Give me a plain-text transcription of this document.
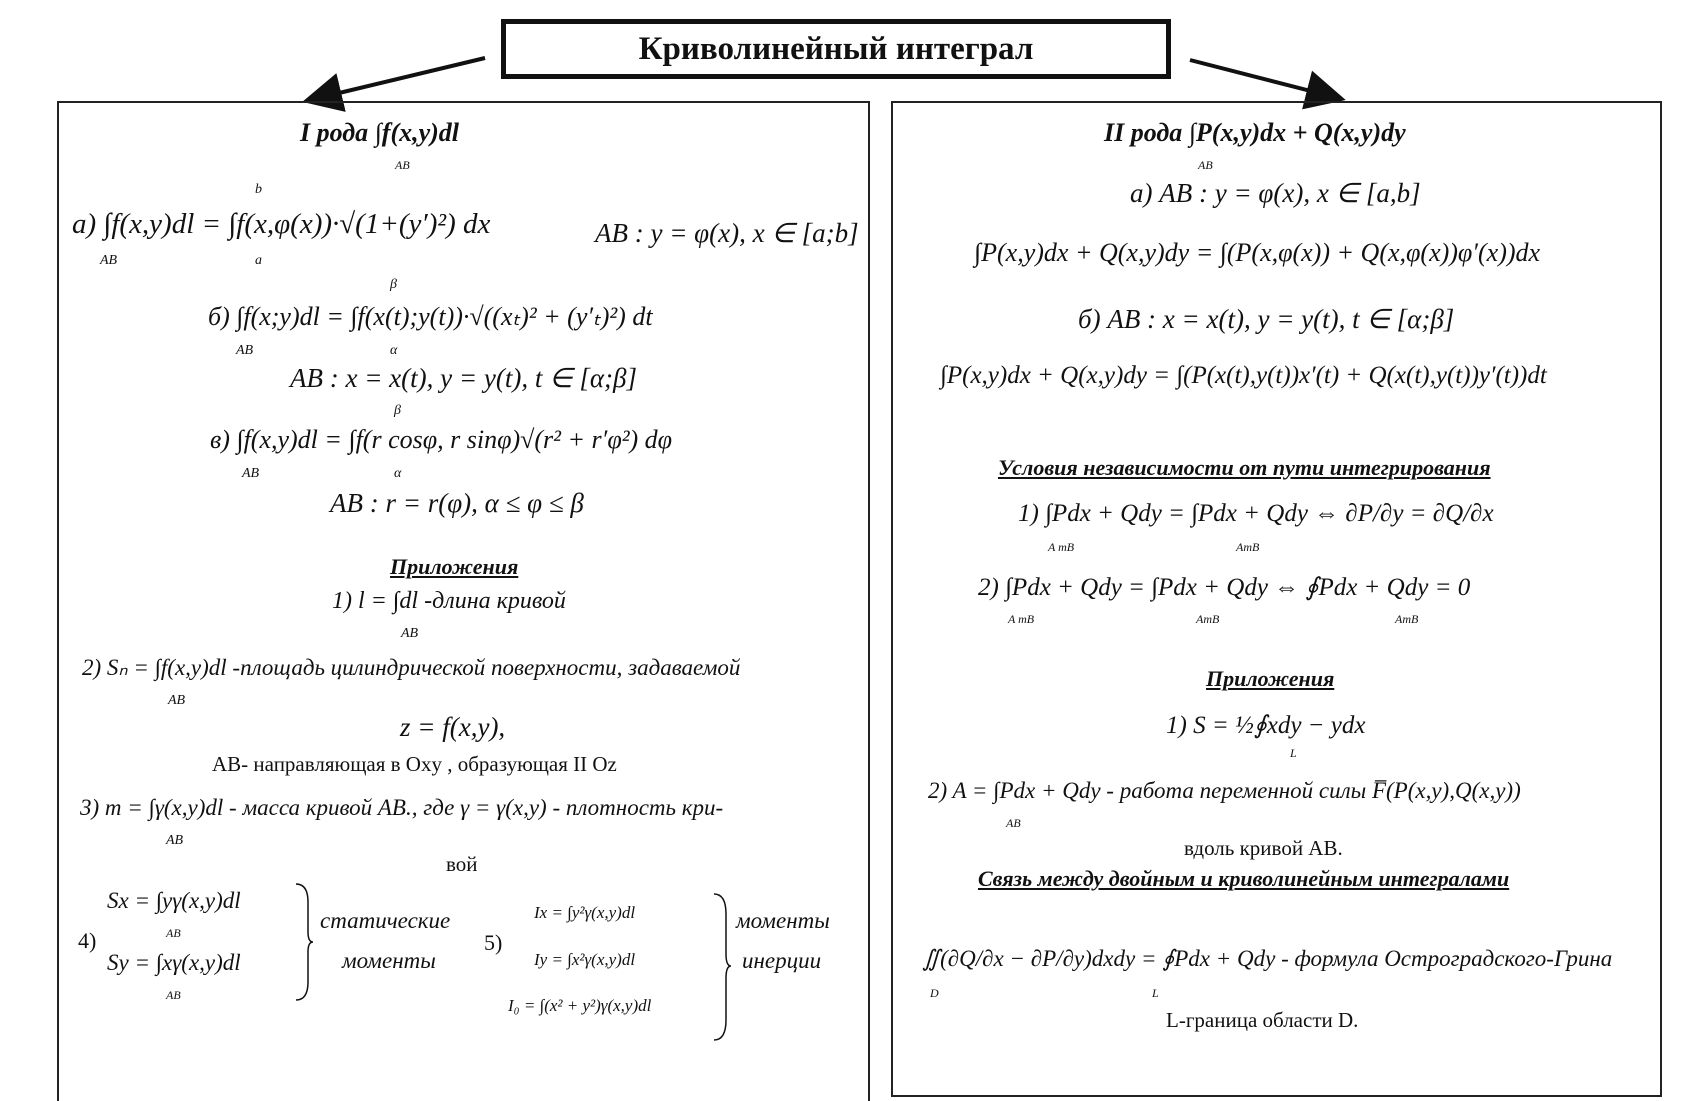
Криволинейный интеграл
I рода ∫f(x,y)dl
AB
а) ∫f(x,y)dl = ∫f(x,φ(x))·√(1+(y′)²) dx
b
AB	a
AB : y = φ(x), x ∈ [a;b]
б) ∫f(x;y)dl = ∫f(x(t);y(t))·√((xₜ)² + (y′ₜ)²) dt
β
AB	α
AB : x = x(t), y = y(t), t ∈ [α;β]
в) ∫f(x,y)dl = ∫f(r cosφ, r sinφ)√(r² + r′φ²) dφ
β
AB	α
AB : r = r(φ), α ≤ φ ≤ β
Приложения
1) l = ∫dl -длина кривой
AB
2) Sₙ = ∫f(x,y)dl -площадь цилиндрической поверхности, задаваемой
AB
z = f(x,y),
AB- направляющая в Oxy , образующая II Oz
3) m = ∫γ(x,y)dl - масса кривой AB., где γ = γ(x,y) - плотность кри-
AB
вой
4)
Sx = ∫yγ(x,y)dl
AB
Sy = ∫xγ(x,y)dl
AB
статические
моменты
5)
Ix = ∫y²γ(x,y)dl
Iy = ∫x²γ(x,y)dl
I₀ = ∫(x² + y²)γ(x,y)dl
моменты
инерции
II рода ∫P(x,y)dx + Q(x,y)dy
AB
а) AB : y = φ(x), x ∈ [a,b]
∫P(x,y)dx + Q(x,y)dy = ∫(P(x,φ(x)) + Q(x,φ(x))φ′(x))dx
б) AB : x = x(t), y = y(t), t ∈ [α;β]
∫P(x,y)dx + Q(x,y)dy = ∫(P(x(t),y(t))x′(t) + Q(x(t),y(t))y′(t))dt
Условия независимости от пути интегрирования
1) ∫Pdx + Qdy = ∫Pdx + Qdy ⇔ ∂P/∂y = ∂Q/∂x
A mB	AmB
2) ∫Pdx + Qdy = ∫Pdx + Qdy ⇔ ∮Pdx + Qdy = 0
A mB	AmB	AmB
Приложения
1) S = ½∮xdy − ydx
L
2) A = ∫Pdx + Qdy - работа переменной силы F̅(P(x,y),Q(x,y))
AB
вдоль кривой AB.
Связь между двойным и криволинейным интегралами
∬(∂Q/∂x − ∂P/∂y)dxdy = ∮Pdx + Qdy - формула Остроградского-Грина
D	L
L-граница области D.
